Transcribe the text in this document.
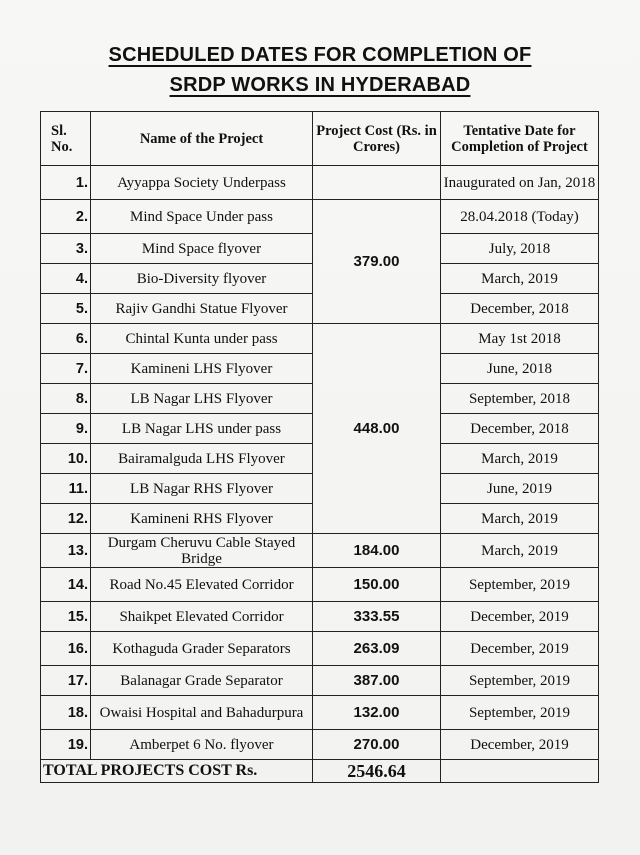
SCHEDULED DATES FOR COMPLETION OF
SRDP WORKS IN HYDERABAD
Sl. No.	Name of the Project	Project Cost (Rs. in Crores)	Tentative Date for Completion of Project
1.	Ayyappa Society Underpass		Inaugurated on Jan, 2018
2.	Mind Space Under pass	379.00	28.04.2018 (Today)
3.	Mind Space flyover		July, 2018
4.	Bio-Diversity flyover		March, 2019
5.	Rajiv Gandhi Statue Flyover		December, 2018
6.	Chintal Kunta under pass	448.00	May 1st 2018
7.	Kamineni LHS Flyover		June, 2018
8.	LB Nagar LHS Flyover		September, 2018
9.	LB Nagar LHS under pass		December, 2018
10.	Bairamalguda LHS Flyover		March, 2019
11.	LB Nagar RHS Flyover		June, 2019
12.	Kamineni RHS Flyover		March, 2019
13.	Durgam Cheruvu Cable Stayed Bridge	184.00	March, 2019
14.	Road No.45 Elevated Corridor	150.00	September, 2019
15.	Shaikpet Elevated Corridor	333.55	December, 2019
16.	Kothaguda Grader Separators	263.09	December, 2019
17.	Balanagar Grade Separator	387.00	September, 2019
18.	Owaisi Hospital and Bahadurpura	132.00	September, 2019
19.	Amberpet 6 No. flyover	270.00	December, 2019
TOTAL PROJECTS COST Rs.		2546.64	
